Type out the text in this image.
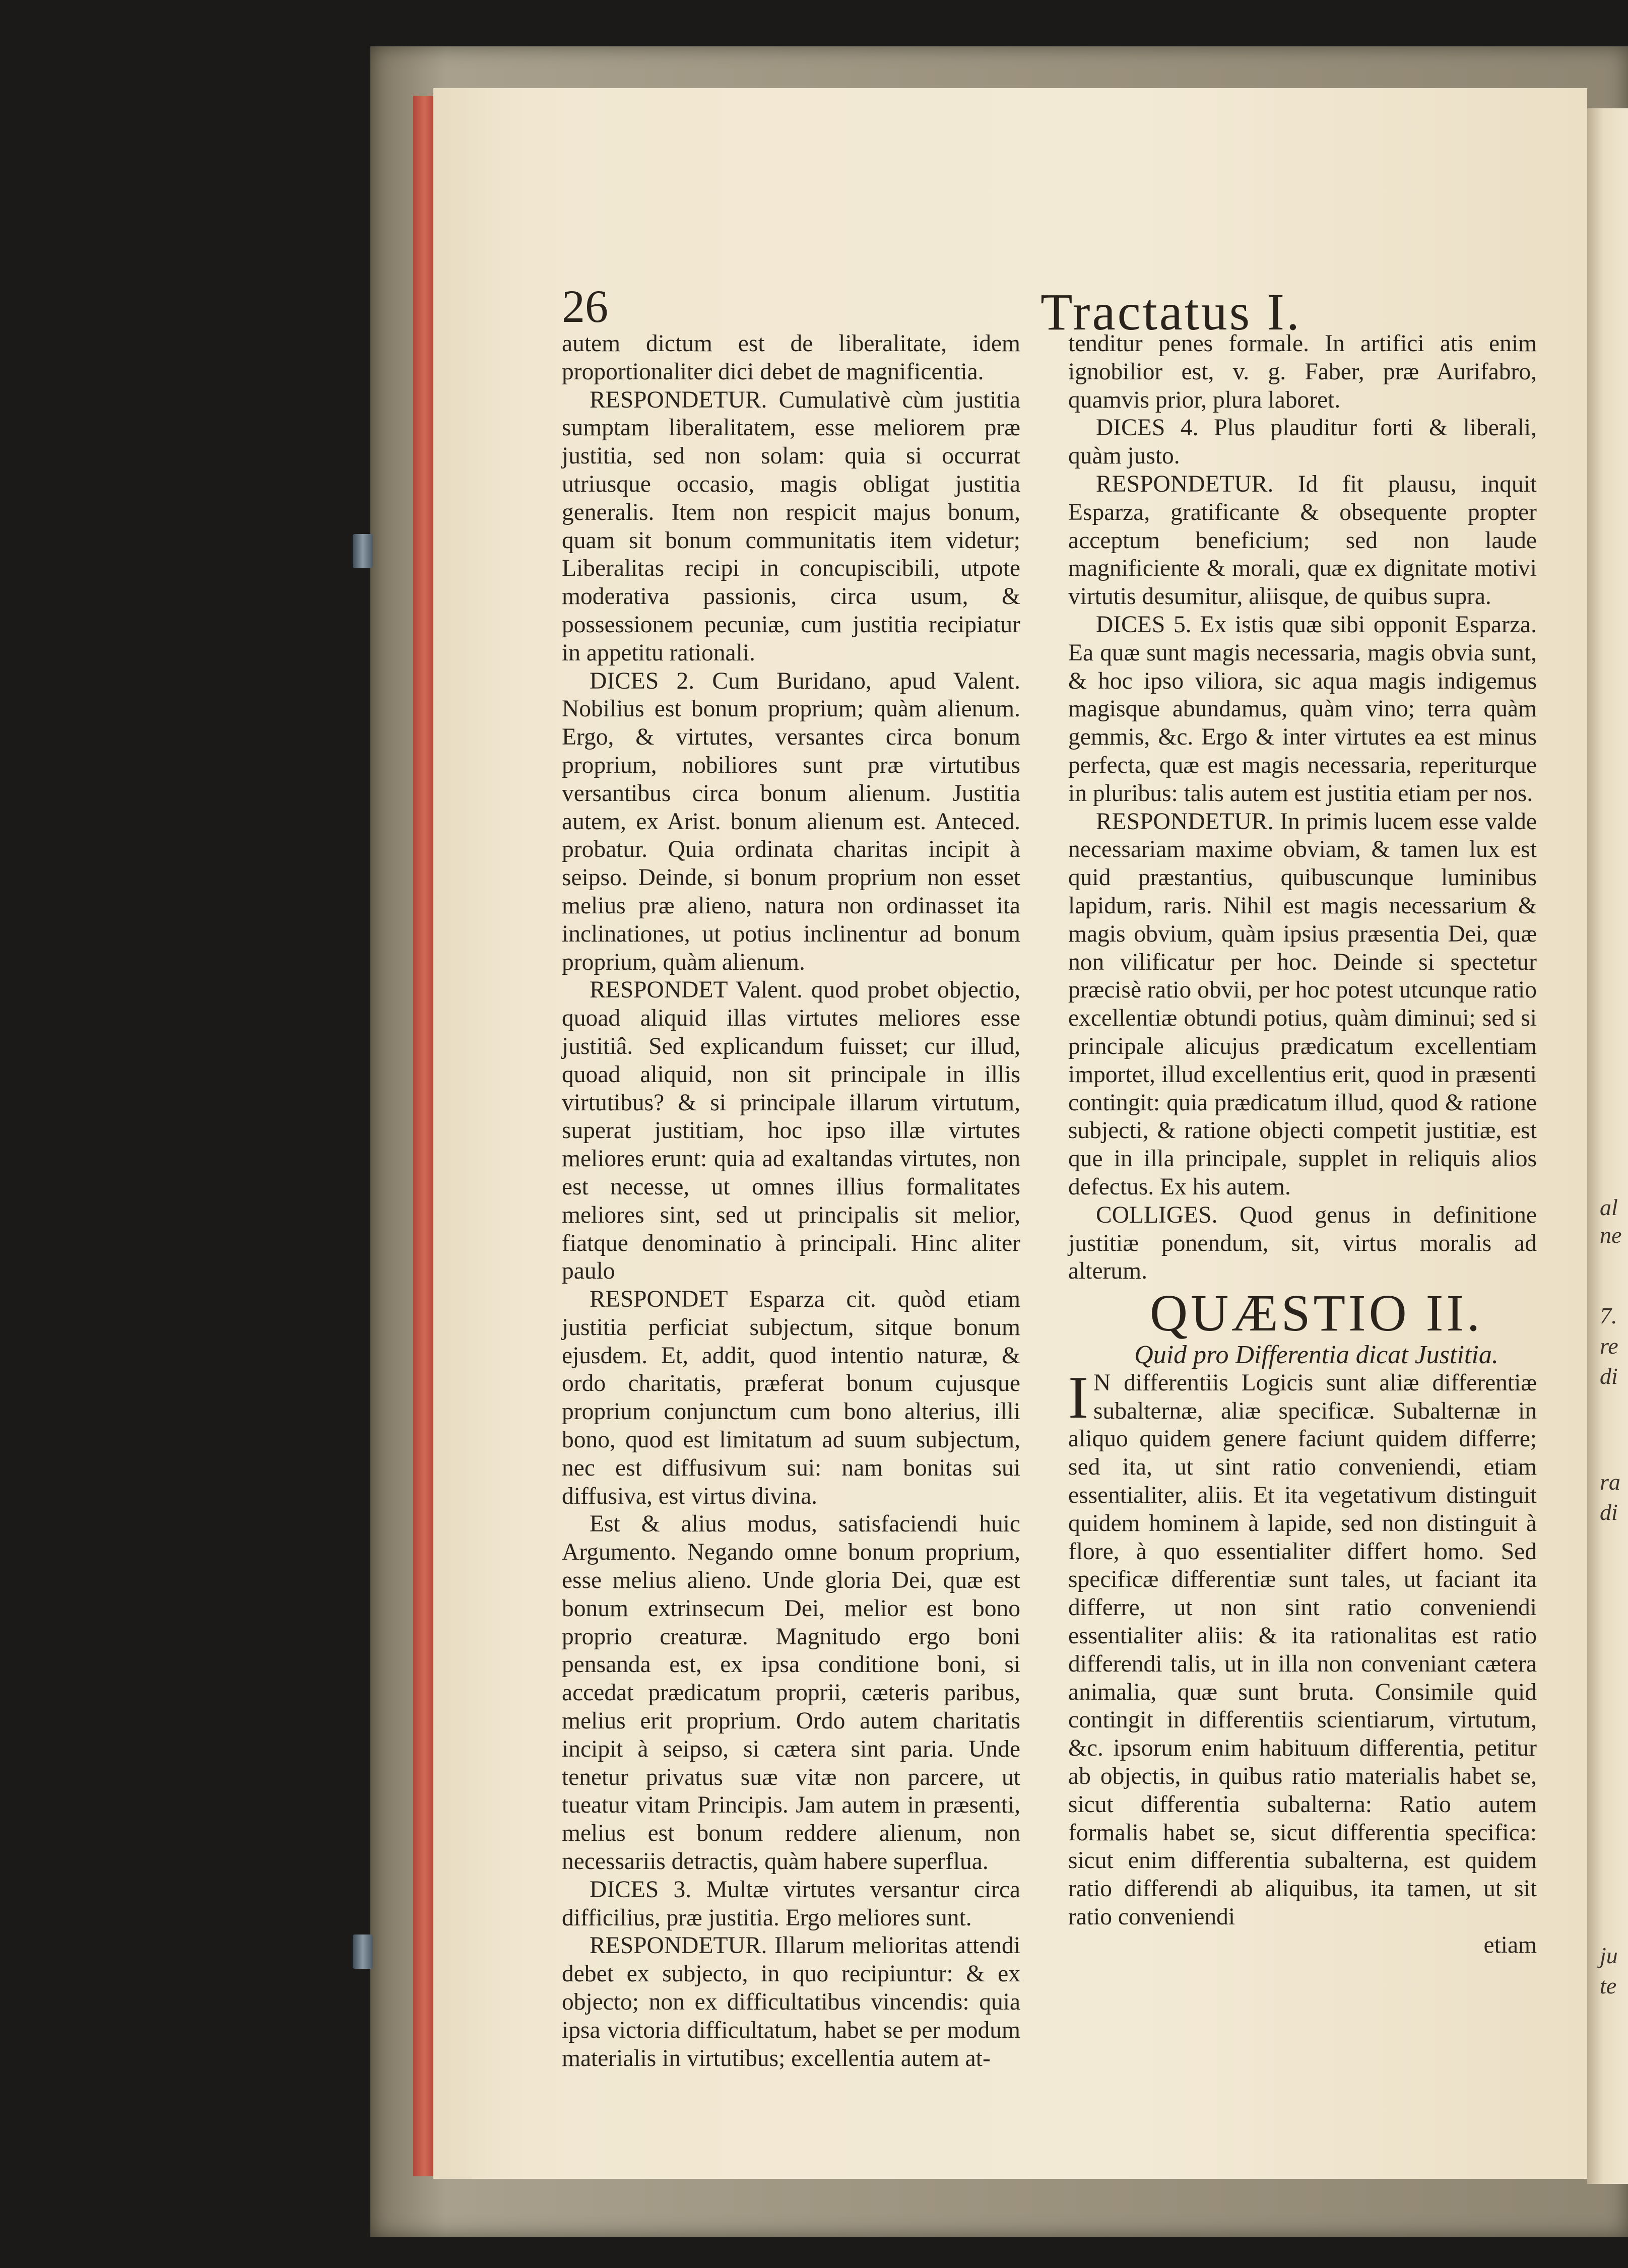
26	Tractatus I.

autem dictum est de liberalitate, idem proportionaliter dici debet de magnificentia.

RESPONDETUR. Cumulativè cùm justitia sumptam liberalitatem, esse meliorem præ justitia, sed non solam: quia si occurrat utriusque occasio, magis obligat justitia generalis. Item non respicit majus bonum, quam sit bonum communitatis item videtur; Liberalitas recipi in concupiscibili, utpote moderativa passionis, circa usum, & possessionem pecuniæ, cum justitia recipiatur in appetitu rationali.

DICES 2. Cum Buridano, apud Valent. Nobilius est bonum proprium; quàm alienum. Ergo, & virtutes, versantes circa bonum proprium, nobiliores sunt præ virtutibus versantibus circa bonum alienum. Justitia autem, ex Arist. bonum alienum est. Anteced. probatur. Quia ordinata charitas incipit à seipso. Deinde, si bonum proprium non esset melius præ alieno, natura non ordinasset ita inclinationes, ut potius inclinentur ad bonum proprium, quàm alienum.

RESPONDET Valent. quod probet objectio, quoad aliquid illas virtutes meliores esse justitiâ. Sed explicandum fuisset; cur illud, quoad aliquid, non sit principale in illis virtutibus? & si principale illarum virtutum, superat justitiam, hoc ipso illæ virtutes meliores erunt: quia ad exaltandas virtutes, non est necesse, ut omnes illius formalitates meliores sint, sed ut principalis sit melior, fiatque denominatio à principali. Hinc aliter paulo

RESPONDET Esparza cit. quòd etiam justitia perficiat subjectum, sitque bonum ejusdem. Et, addit, quod intentio naturæ, & ordo charitatis, præferat bonum cujusque proprium conjunctum cum bono alterius, illi bono, quod est limitatum ad suum subjectum, nec est diffusivum sui: nam bonitas sui diffusiva, est virtus divina.

Est & alius modus, satisfaciendi huic Argumento. Negando omne bonum proprium, esse melius alieno. Unde gloria Dei, quæ est bonum extrinsecum Dei, melior est bono proprio creaturæ. Magnitudo ergo boni pensanda est, ex ipsa conditione boni, si accedat prædicatum proprii, cæteris paribus, melius erit proprium. Ordo autem charitatis incipit à seipso, si cætera sint paria. Unde tenetur privatus suæ vitæ non parcere, ut tueatur vitam Principis. Jam autem in præsenti, melius est bonum reddere alienum, non necessariis detractis, quàm habere superflua.

DICES 3. Multæ virtutes versantur circa difficilius, præ justitia. Ergo meliores sunt.

RESPONDETUR. Illarum melioritas attendi debet ex subjecto, in quo recipiuntur: & ex objecto; non ex difficultatibus vincendis: quia ipsa victoria difficultatum, habet se per modum materialis in virtutibus; excellentia autem at-

tenditur penes formale. In artifici atis enim ignobilior est, v. g. Faber, præ Aurifabro, quamvis prior, plura laboret.

DICES 4. Plus plauditur forti & liberali, quàm justo.

RESPONDETUR. Id fit plausu, inquit Esparza, gratificante & obsequente propter acceptum beneficium; sed non laude magnificiente & morali, quæ ex dignitate motivi virtutis desumitur, aliisque, de quibus supra.

DICES 5. Ex istis quæ sibi opponit Esparza. Ea quæ sunt magis necessaria, magis obvia sunt, & hoc ipso viliora, sic aqua magis indigemus magisque abundamus, quàm vino; terra quàm gemmis, &c. Ergo & inter virtutes ea est minus perfecta, quæ est magis necessaria, reperiturque in pluribus: talis autem est justitia etiam per nos.

RESPONDETUR. In primis lucem esse valde necessariam maxime obviam, & tamen lux est quid præstantius, quibuscunque luminibus lapidum, raris. Nihil est magis necessarium & magis obvium, quàm ipsius præsentia Dei, quæ non vilificatur per hoc. Deinde si spectetur præcisè ratio obvii, per hoc potest utcunque ratio excellentiæ obtundi potius, quàm diminui; sed si principale alicujus prædicatum excellentiam importet, illud excellentius erit, quod in præsenti contingit: quia prædicatum illud, quod & ratione subjecti, & ratione objecti competit justitiæ, est que in illa principale, supplet in reliquis alios defectus. Ex his autem.

COLLIGES. Quod genus in definitione justitiæ ponendum, sit, virtus moralis ad alterum.

QUÆSTIO II.

Quid pro Differentia dicat Justitia.

I N differentiis Logicis sunt aliæ differentiæ subalternæ, aliæ specificæ. Subalternæ in aliquo quidem genere faciunt quidem differre; sed ita, ut sint ratio conveniendi, etiam essentialiter, aliis. Et ita vegetativum distinguit quidem hominem à lapide, sed non distinguit à flore, à quo essentialiter differt homo. Sed specificæ differentiæ sunt tales, ut faciant ita differre, ut non sint ratio conveniendi essentialiter aliis: & ita rationalitas est ratio differendi talis, ut in illa non conveniant cætera animalia, quæ sunt bruta. Consimile quid contingit in differentiis scientiarum, virtutum, &c. ipsorum enim habituum differentia, petitur ab objectis, in quibus ratio materialis habet se, sicut differentia subalterna: Ratio autem formalis habet se, sicut differentia specifica: sicut enim differentia subalterna, est quidem ratio differendi ab aliquibus, ita tamen, ut sit ratio conveniendi

etiam

al
ne
7.
re
di
ra
di
ju
te
